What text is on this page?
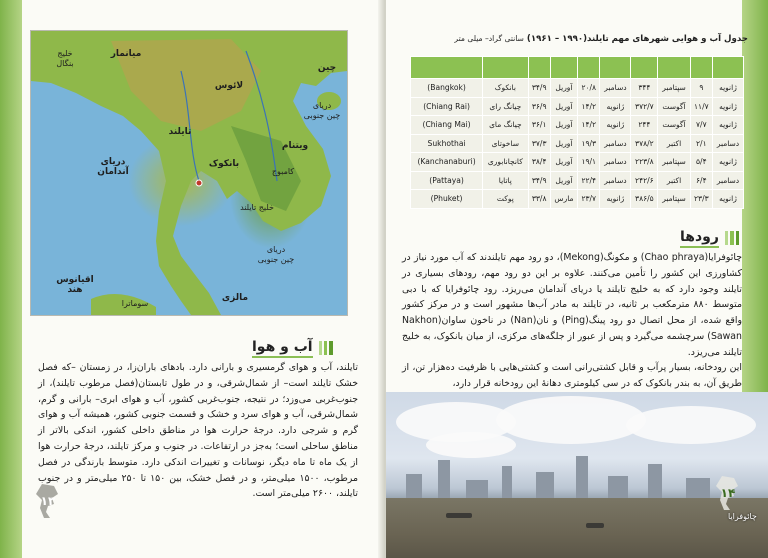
خلیج
بنگال
میانمار
لائوس
چین
دریای
چین جنوبی
تایلند
بانکوک
ویتنام
کامبوج
دریای
آندامان
خلیج تایلند
دریای
چین جنوبی
اقیانوس
هند
مالزی
سوماترا
آب و هوا
تایلند، آب و هوای گرمسیری و بارانی دارد. بادهای باران‌زا، در زمستان –که فصل خشک تایلند است– از شمال‌شرقی، و در طول تابستان(فصل مرطوب تایلند)، از جنوب‌غربی می‌وزد؛ در نتیجه، جنوب‌غربی کشور، آب و هوای ابری– بارانی و گرم، شمال‌شرقی، آب و هوای سرد و خشک و قسمت جنوبی کشور، همیشه آب و هوای گرم و شرجی دارد. درجهٔ حرارت هوا در مناطق داخلی کشور، اندکی بالاتر از مناطق ساحلی است؛ به‌جز در ارتفاعات. در جنوب و مرکز تایلند، درجهٔ حرارت هوا از یک ماه تا ماه دیگر، نوسانات و تغییرات اندکی دارد. متوسط بارندگی در فصل مرطوب، ۱۵۰۰ میلی‌متر، و در فصل خشک، بین ۱۵۰ تا ۲۵۰ میلی‌متر و در جنوب تایلند، ۲۶۰۰ میلی‌متر است.
۱۳
جدول آب و هوایی شهرهای مهم تایلند(۱۹۹۰ – ۱۹۶۱) سانتی گراد– میلی متر

ژانویه	۹	سپتامبر	۳۴۴	دسامبر	۲۰/۸	آوریل	۳۴/۹	بانکوک	(Bangkok)
ژانویه	۱۱/۷	آگوست	۳۷۲/۷	ژانویه	۱۴/۲	آوریل	۳۶/۹	چیانگ رای	(Chiang Rai)
ژانویه	۷/۷	آگوست	۲۴۴	ژانویه	۱۴/۲	آوریل	۳۶/۱	چیانگ مای	(Chiang Mai)
دسامبر	۲/۱	اکتبر	۳۷۸/۲	دسامبر	۱۹/۳	آوریل	۳۷/۳	ساخوتای	Sukhothai
ژانویه	۵/۴	سپتامبر	۲۲۳/۸	دسامبر	۱۹/۱	آوریل	۳۸/۴	کانچانابوری	(Kanchanaburi)
دسامبر	۶/۴	اکتبر	۲۴۲/۶	دسامبر	۲۲/۴	آوریل	۳۴/۹	پاتایا	(Pattaya)
ژانویه	۲۳/۳	سپتامبر	۳۸۶/۵	ژانویه	۲۳/۷	مارس	۳۳/۸	پوکت	(Phuket)
رودها
چائوفرایا(Chao phraya) و مکونگ(Mekong)، دو رود مهم تایلندند که آب مورد نیاز در کشاورزی این کشور را تأمین می‌کنند. علاوه بر این دو رود مهم، رودهای بسیاری در تایلند وجود دارد که به خلیج تایلند یا دریای آندامان می‌ریزد. رود چائوفرایا که با دبی متوسط ۸۸۰ مترمکعب بر ثانیه، در تایلند به مادر آب‌ها مشهور است و در مرکز کشور واقع شده، از محل اتصال دو رود پینگ(Ping) و نان(Nan) در ناخون ساوان(Nakhon Sawan) سرچشمه می‌گیرد و پس از عبور از جلگه‌های مرکزی، از میان بانکوک، به خلیج تایلند می‌ریزد.
این رودخانه، بسیار پرآب و قابل کشتی‌رانی است و کشتی‌هایی با ظرفیت ده‌هزار تن، از طریق آن، به بندر بانکوک که در سی کیلومتری دهانهٔ این رودخانه قرار دارد،
چائوفرایا
۱۴
